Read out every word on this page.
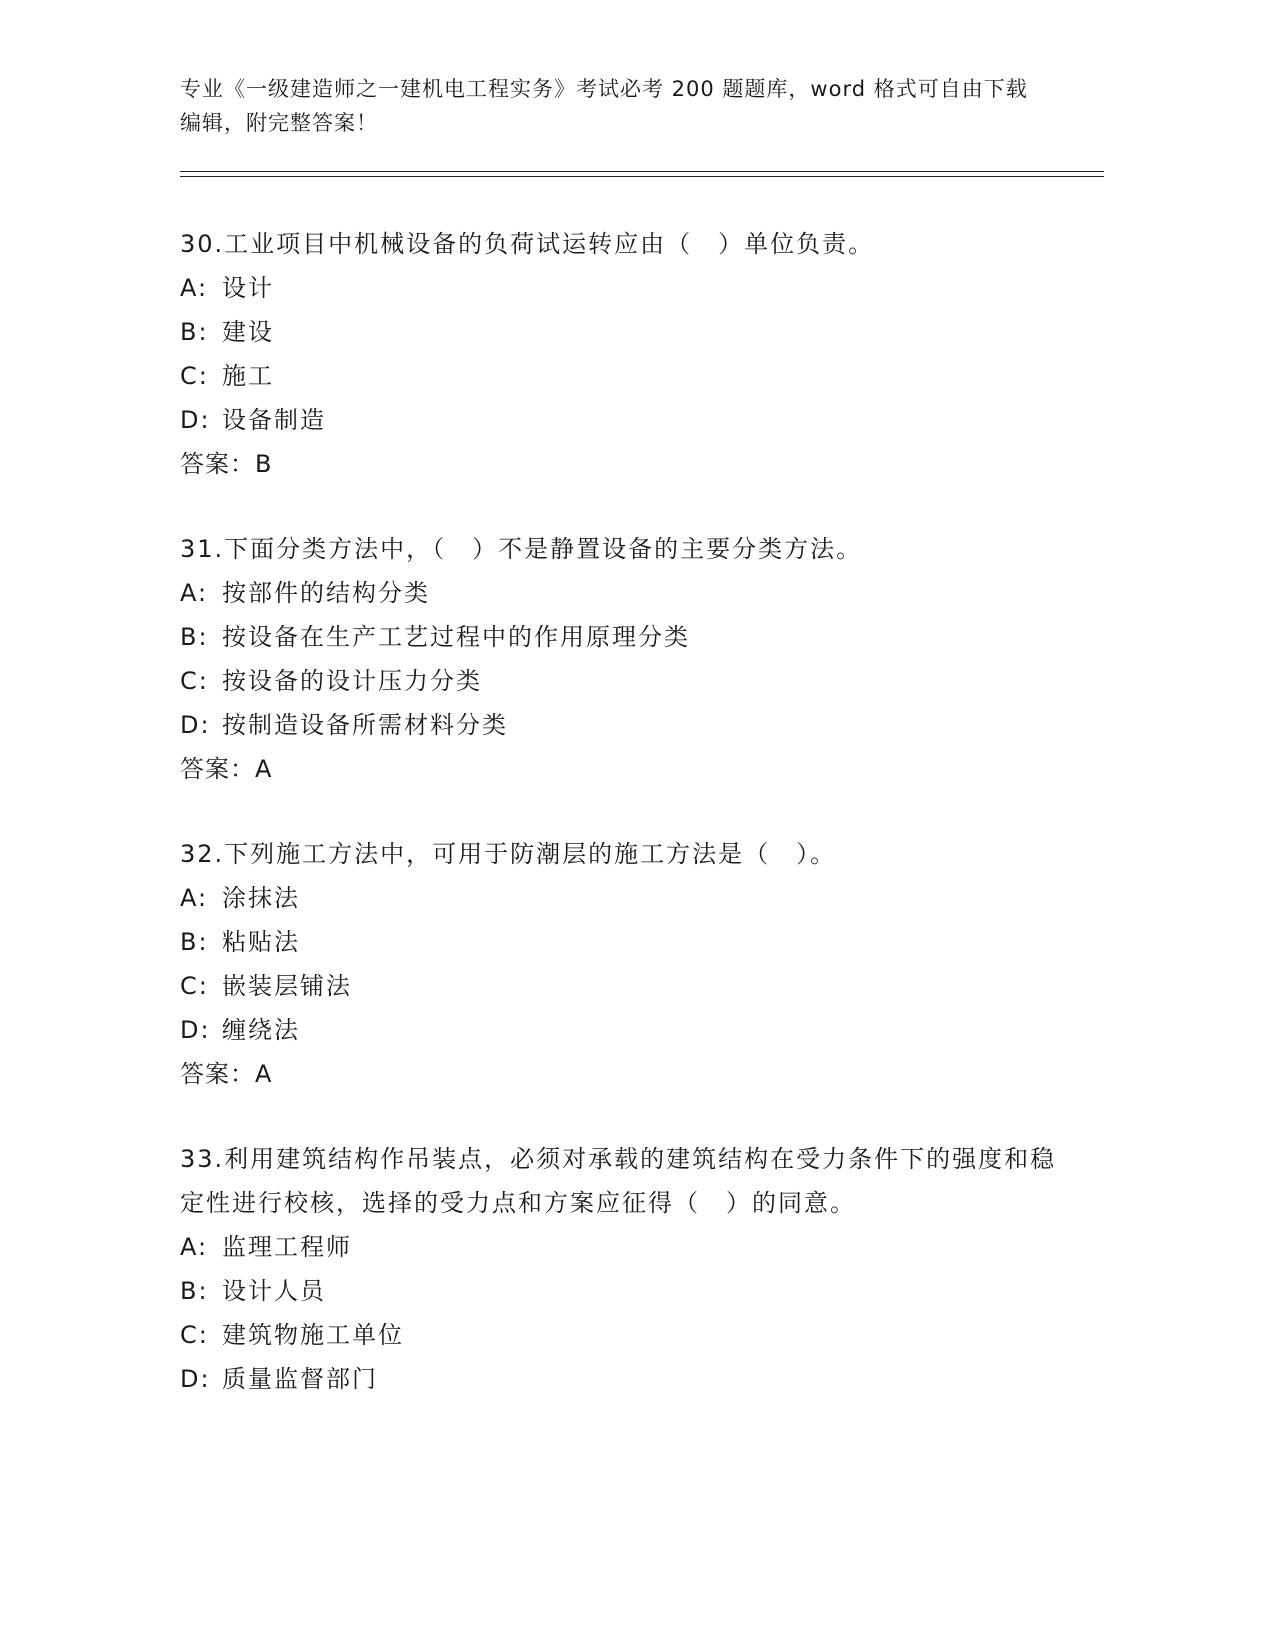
专业《一级建造师之一建机电工程实务》考试必考 200 题题库，word 格式可自由下载编辑，附完整答案！
30.工业项目中机械设备的负荷试运转应由（　）单位负责。
A: 设计
B: 建设
C: 施工
D: 设备制造
答案：B
31.下面分类方法中，（　）不是静置设备的主要分类方法。
A: 按部件的结构分类
B: 按设备在生产工艺过程中的作用原理分类
C: 按设备的设计压力分类
D: 按制造设备所需材料分类
答案：A
32.下列施工方法中，可用于防潮层的施工方法是（　）。
A: 涂抹法
B: 粘贴法
C: 嵌装层铺法
D: 缠绕法
答案：A
33.利用建筑结构作吊装点，必须对承载的建筑结构在受力条件下的强度和稳定性进行校核，选择的受力点和方案应征得（　）的同意。
A: 监理工程师
B: 设计人员
C: 建筑物施工单位
D: 质量监督部门
